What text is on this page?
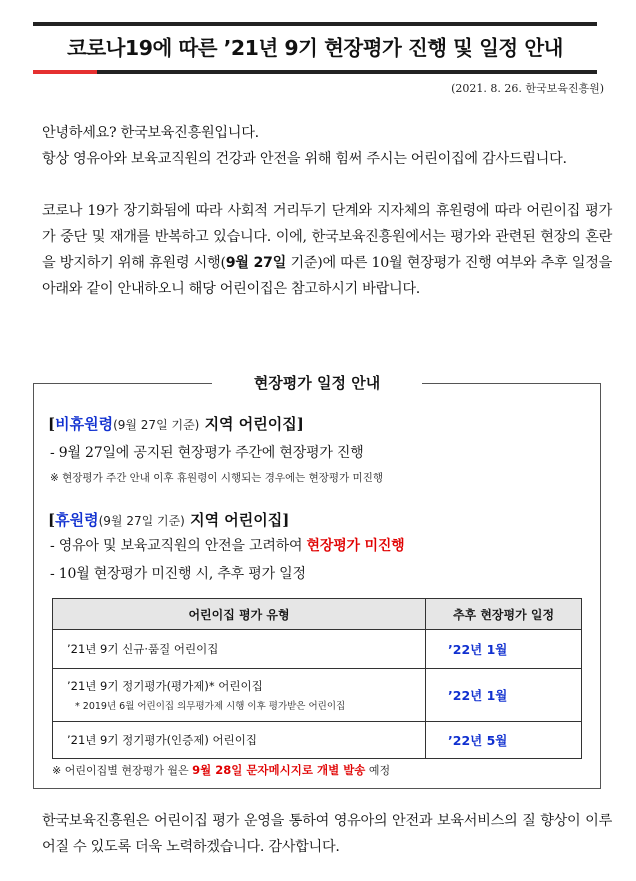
코로나19에 따른 ’21년 9기 현장평가 진행 및 일정 안내
(2021. 8. 26. 한국보육진흥원)
안녕하세요? 한국보육진흥원입니다.
항상 영유아와 보육교직원의 건강과 안전을 위해 힘써 주시는 어린이집에 감사드립니다.
코로나 19가 장기화됨에 따라 사회적 거리두기 단계와 지자체의 휴원령에 따라 어린이집 평가가 중단 및 재개를 반복하고 있습니다. 이에, 한국보육진흥원에서는 평가와 관련된 현장의 혼란을 방지하기 위해 휴원령 시행(9월 27일 기준)에 따른 10월 현장평가 진행 여부와 추후 일정을 아래와 같이 안내하오니 해당 어린이집은 참고하시기 바랍니다.
현장평가 일정 안내
[비휴원령(9월 27일 기준) 지역 어린이집]
- 9월 27일에 공지된 현장평가 주간에 현장평가 진행
※ 현장평가 주간 안내 이후 휴원령이 시행되는 경우에는 현장평가 미진행
[휴원령(9월 27일 기준) 지역 어린이집]
- 영유아 및 보육교직원의 안전을 고려하여 현장평가 미진행
- 10월 현장평가 미진행 시, 추후 평가 일정
어린이집 평가 유형	추후 현장평가 일정
’21년 9기 신규·품질 어린이집	’22년 1월
’21년 9기 정기평가(평가제)* 어린이집
* 2019년 6월 어린이집 의무평가제 시행 이후 평가받은 어린이집	’22년 1월
’21년 9기 정기평가(인증제) 어린이집	’22년 5월
※ 어린이집별 현장평가 월은 9월 28일 문자메시지로 개별 발송 예정
한국보육진흥원은 어린이집 평가 운영을 통하여 영유아의 안전과 보육서비스의 질 향상이 이루어질 수 있도록 더욱 노력하겠습니다. 감사합니다.
